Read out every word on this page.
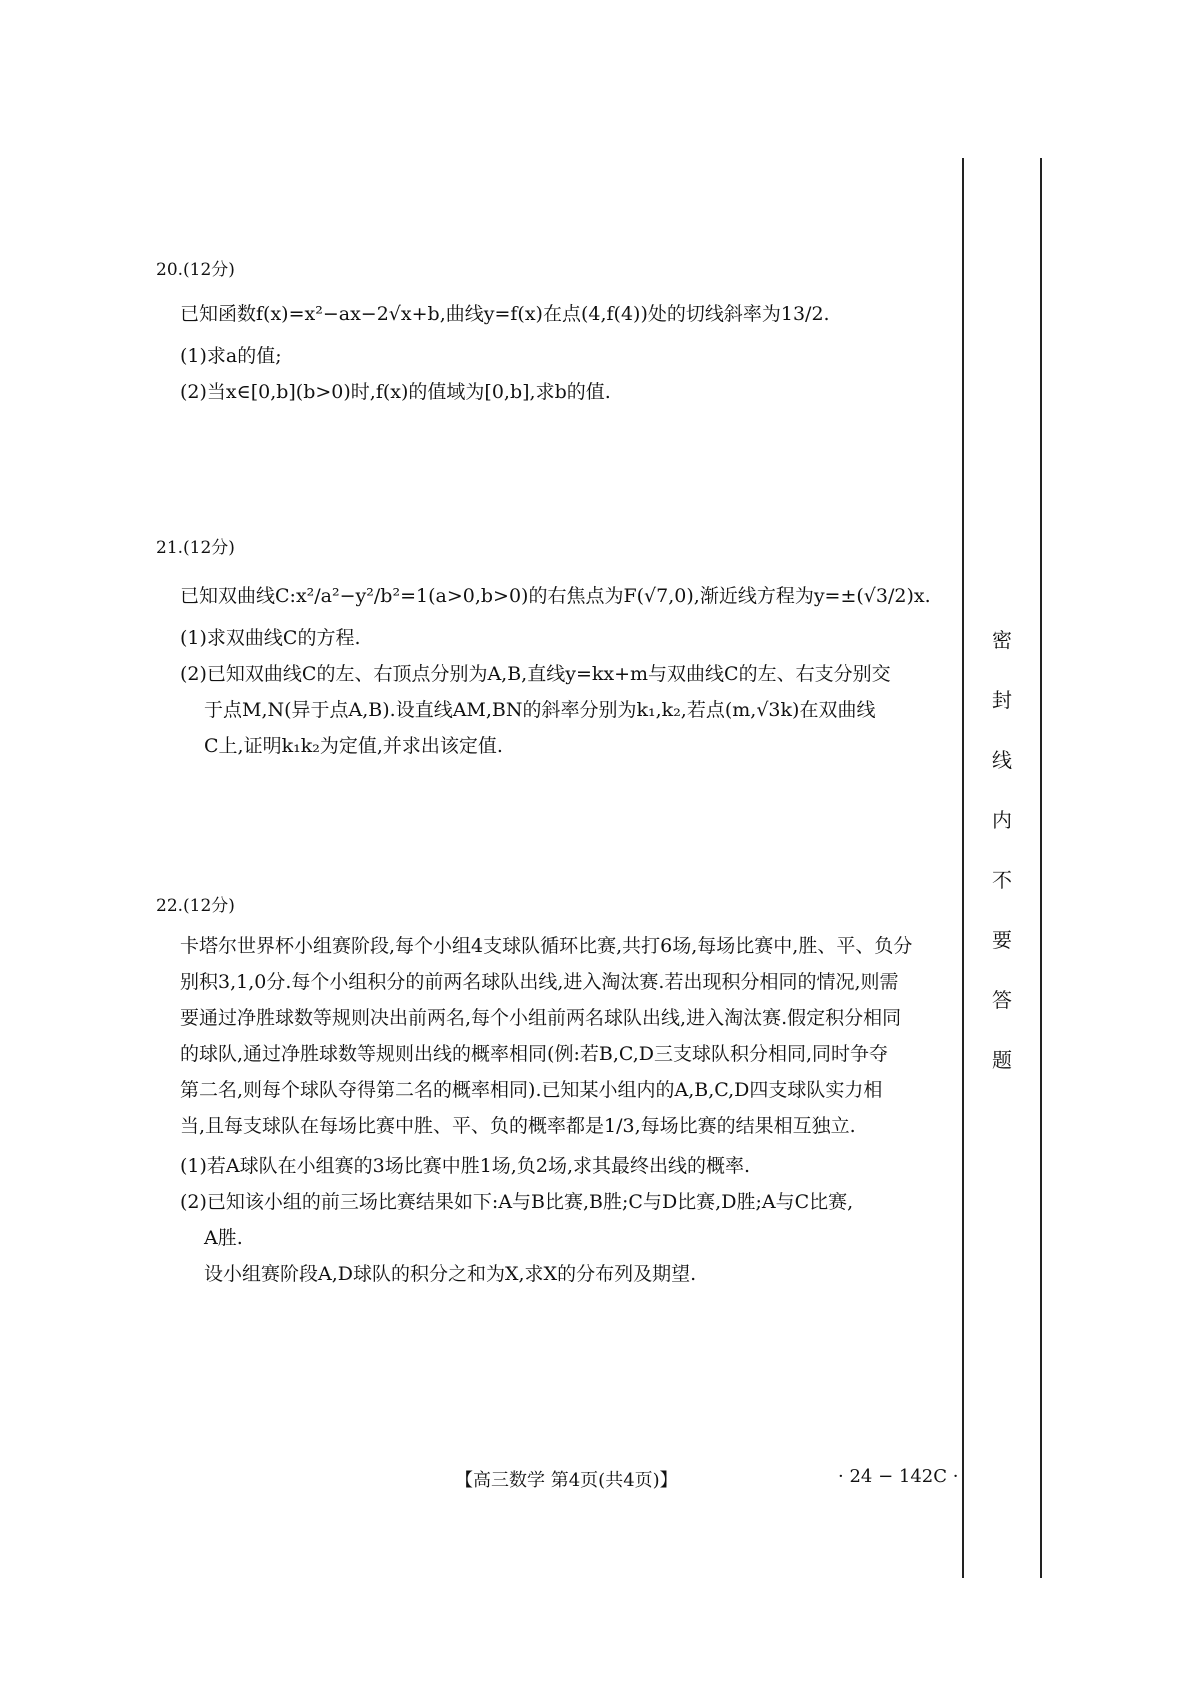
密
封
线
内
不
要
答
题
20.(12分)

已知函数f(x)=x²−ax−2√x+b,曲线y=f(x)在点(4,f(4))处的切线斜率为13/2.

(1)求a的值;

(2)当x∈[0,b](b>0)时,f(x)的值域为[0,b],求b的值.

21.(12分)

已知双曲线C:x²/a²−y²/b²=1(a>0,b>0)的右焦点为F(√7,0),渐近线方程为y=±(√3/2)x.

(1)求双曲线C的方程.

(2)已知双曲线C的左、右顶点分别为A,B,直线y=kx+m与双曲线C的左、右支分别交

于点M,N(异于点A,B).设直线AM,BN的斜率分别为k₁,k₂,若点(m,√3k)在双曲线

C上,证明k₁k₂为定值,并求出该定值.

22.(12分)

卡塔尔世界杯小组赛阶段,每个小组4支球队循环比赛,共打6场,每场比赛中,胜、平、负分

别积3,1,0分.每个小组积分的前两名球队出线,进入淘汰赛.若出现积分相同的情况,则需

要通过净胜球数等规则决出前两名,每个小组前两名球队出线,进入淘汰赛.假定积分相同

的球队,通过净胜球数等规则出线的概率相同(例:若B,C,D三支球队积分相同,同时争夺

第二名,则每个球队夺得第二名的概率相同).已知某小组内的A,B,C,D四支球队实力相

当,且每支球队在每场比赛中胜、平、负的概率都是1/3,每场比赛的结果相互独立.

(1)若A球队在小组赛的3场比赛中胜1场,负2场,求其最终出线的概率.

(2)已知该小组的前三场比赛结果如下:A与B比赛,B胜;C与D比赛,D胜;A与C比赛,

A胜.

设小组赛阶段A,D球队的积分之和为X,求X的分布列及期望.

【高三数学 第4页(共4页)】	· 24 − 142C ·
